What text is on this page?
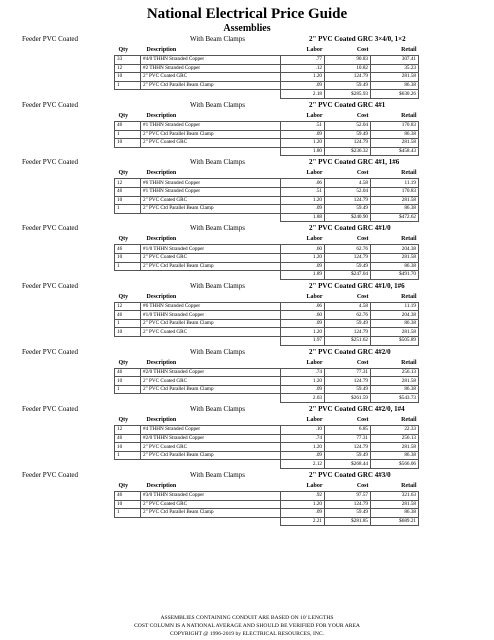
National Electrical Price Guide
Assemblies
Feeder PVC Coated	With Beam Clamps	2" PVC Coated GRC 3×4/0, 1×2
Qty	Description	Labor	Cost	Retail
33	#4/0 THHN Stranded Copper	.77	90.83	307.41
12	#2 THHN Stranded Copper	.12	10.82	35.23
10	2" PVC Coated GRC	1.20	124.79	281.58
1	2" PVC Ctd Parallel Beam Clamp	.09	59.49	86.38
		2.18	$285.93	$630.26
Feeder PVC Coated	With Beam Clamps	2" PVC Coated GRC 4#1
Qty	Description	Labor	Cost	Retail
46	#1 THHN Stranded Copper	.51	52.04	170.83
1	2" PVC Ctd Parallel Beam Clamp	.09	59.49	86.38
10	2" PVC Coated GRC	1.20	124.79	281.58
		1.80	$236.32	$458.43
Feeder PVC Coated	With Beam Clamps	2" PVC Coated GRC 4#1, 1#6
Qty	Description	Labor	Cost	Retail
12	#6 THHN Stranded Copper	.06	4.58	11.19
46	#1 THHN Stranded Copper	.51	52.04	170.83
10	2" PVC Coated GRC	1.20	124.79	281.58
1	2" PVC Ctd Parallel Beam Clamp	.09	59.49	86.38
		1.88	$240.90	$472.62
Feeder PVC Coated	With Beam Clamps	2" PVC Coated GRC 4#1/0
Qty	Description	Labor	Cost	Retail
46	#1/0 THHN Stranded Copper	.60	62.76	204.38
10	2" PVC Coated GRC	1.20	124.79	281.58
1	2" PVC Ctd Parallel Beam Clamp	.09	59.49	86.38
		1.89	$247.04	$491.70
Feeder PVC Coated	With Beam Clamps	2" PVC Coated GRC 4#1/0, 1#6
Qty	Description	Labor	Cost	Retail
12	#6 THHN Stranded Copper	.06	4.58	11.19
46	#1/0 THHN Stranded Copper	.60	62.76	204.38
1	2" PVC Ctd Parallel Beam Clamp	.09	59.49	86.38
10	2" PVC Coated GRC	1.20	124.79	281.58
		1.97	$251.62	$505.89
Feeder PVC Coated	With Beam Clamps	2" PVC Coated GRC 4#2/0
Qty	Description	Labor	Cost	Retail
46	#2/0 THHN Stranded Copper	.74	77.31	256.13
10	2" PVC Coated GRC	1.20	124.79	281.58
1	2" PVC Ctd Parallel Beam Clamp	.09	59.49	86.38
		2.03	$261.59	$543.73
Feeder PVC Coated	With Beam Clamps	2" PVC Coated GRC 4#2/0, 1#4
Qty	Description	Labor	Cost	Retail
12	#4 THHN Stranded Copper	.10	6.85	22.33
46	#2/0 THHN Stranded Copper	.74	77.31	256.13
10	2" PVC Coated GRC	1.20	124.79	281.58
1	2" PVC Ctd Parallel Beam Clamp	.09	59.49	86.38
		2.12	$268.44	$566.06
Feeder PVC Coated	With Beam Clamps	2" PVC Coated GRC 4#3/0
Qty	Description	Labor	Cost	Retail
46	#3/0 THHN Stranded Copper	.92	97.57	321.63
10	2" PVC Coated GRC	1.20	124.79	281.58
1	2" PVC Ctd Parallel Beam Clamp	.09	59.49	86.38
		2.21	$281.85	$689.21
ASSEMBLIES CONTAINING CONDUIT ARE BASED ON 10' LENGTHS
COST COLUMN IS A NATIONAL AVERAGE AND SHOULD BE VERIFIED FOR YOUR AREA
COPYRIGHT @ 1996-2019 by ELECTRICAL RESOURCES, INC.
